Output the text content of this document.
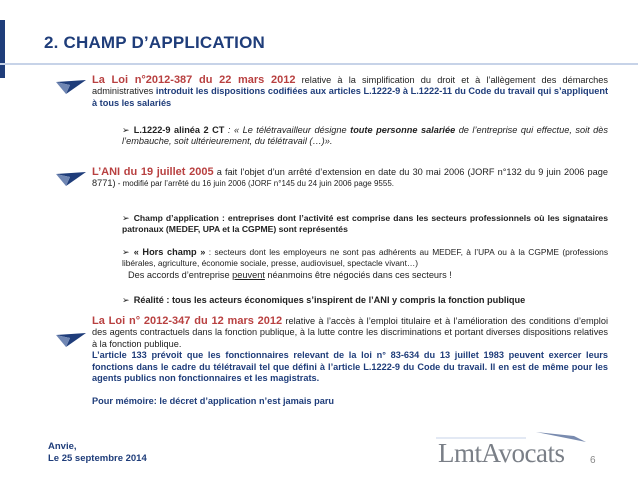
2. CHAMP D’APPLICATION
La Loi n°2012-387 du 22 mars 2012 relative à la simplification du droit et à l’allègement des démarches administratives introduit les dispositions codifiées aux articles L.1222-9 à L.1222-11 du Code du travail qui s’appliquent à tous les salariés
➢ L.1222-9 alinéa 2 CT : « Le télétravailleur désigne toute personne salariée de l’entreprise qui effectue, soit dès l’embauche, soit ultérieurement, du télétravail (…)».
L’ANI du 19 juillet 2005 a fait l’objet d’un arrêté d’extension en date du 30 mai 2006 (JORF n°132 du 9 juin 2006 page 8771) - modifié par l’arrêté du 16 juin 2006 (JORF n°145 du 24 juin 2006 page 9555.
➢ Champ d’application : entreprises dont l’activité est comprise dans les secteurs professionnels où les signataires patronaux (MEDEF, UPA et la CGPME) sont représentés
➢ « Hors champ » : secteurs dont les employeurs ne sont pas adhérents au MEDEF, à l’UPA ou à la CGPME (professions libérales, agriculture, économie sociale, presse, audiovisuel, spectacle vivant…)
Des accords d’entreprise peuvent néanmoins être négociés dans ces secteurs !
➢ Réalité : tous les acteurs économiques s’inspirent de l’ANI y compris la fonction publique
La Loi n° 2012-347 du 12 mars 2012 relative à l’accès à l’emploi titulaire et à l’amélioration des conditions d’emploi des agents contractuels dans la fonction publique, à la lutte contre les discriminations et portant diverses dispositions relatives à la fonction publique.
L’article 133 prévoit que les fonctionnaires relevant de la loi n° 83-634 du 13 juillet 1983 peuvent exercer leurs fonctions dans le cadre du télétravail tel que défini à l’article L.1222-9 du Code du travail. Il en est de même pour les agents publics non fonctionnaires et les magistrats.

Pour mémoire: le décret d’application n’est jamais paru
Anvie,
Le 25 septembre 2014	LmtAvocats	6
